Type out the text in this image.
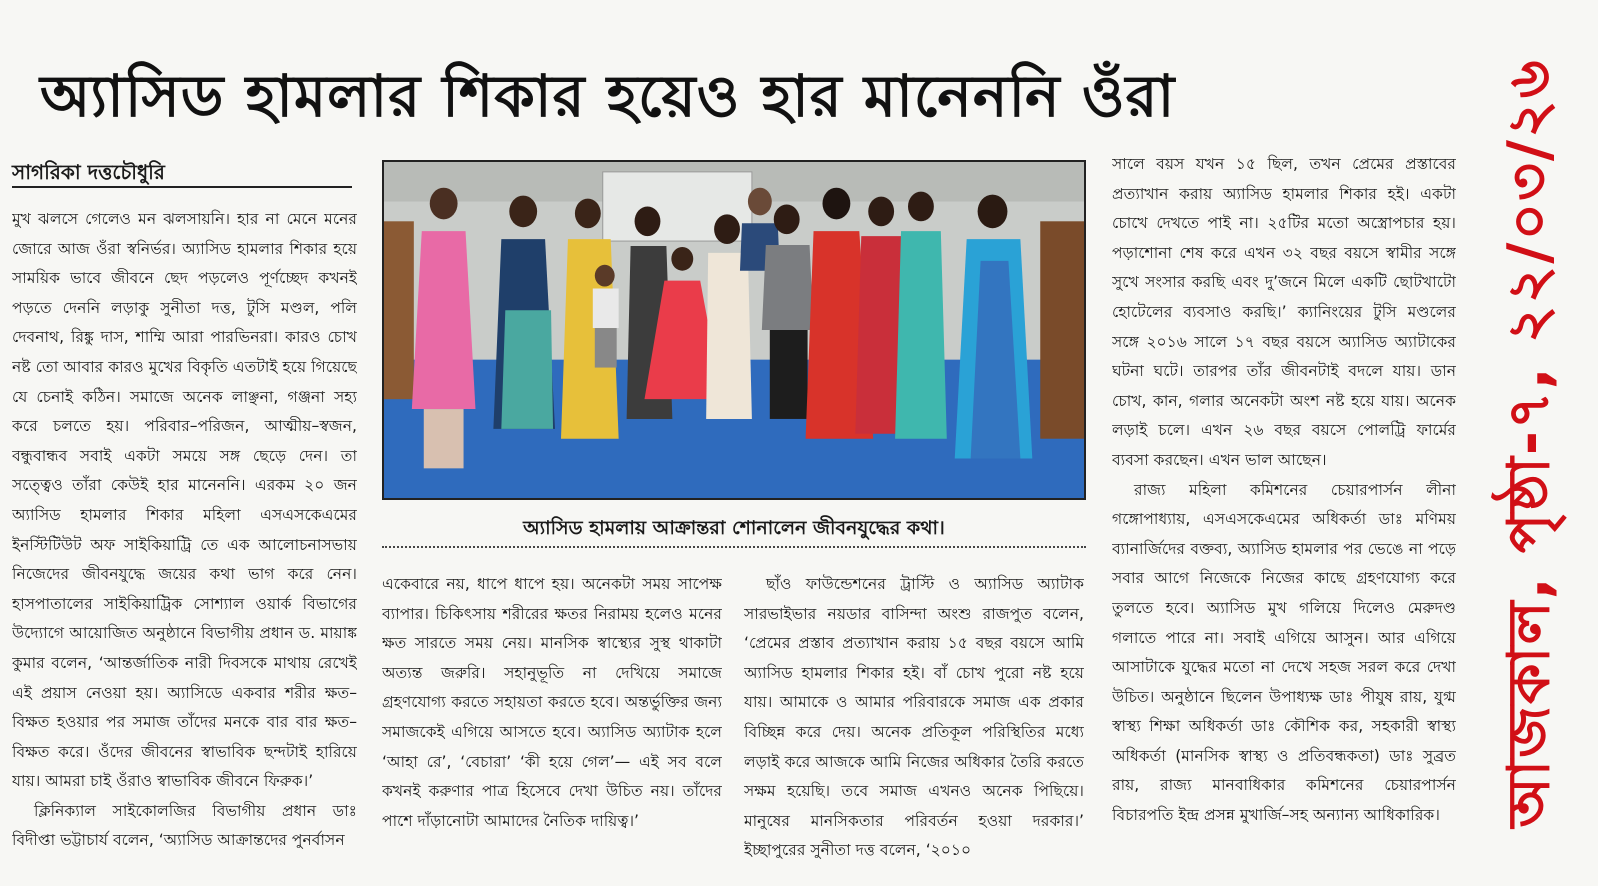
অ্যাসিড হামলার শিকার হয়েও হার মানেননি ওঁরা
সাগরিকা দত্তচৌধুরি

মুখ ঝলসে গেলেও মন ঝলসায়নি। হার না মেনে মনের জোরে আজ ওঁরা স্বনির্ভর। অ্যাসিড হামলার শিকার হয়ে সাময়িক ভাবে জীবনে ছেদ পড়লেও পূর্ণচ্ছেদ কখনই পড়তে দেননি লড়াকু সুনীতা দত্ত, টুসি মণ্ডল, পলি দেবনাথ, রিঙ্কু দাস, শাম্মি আরা পারভিনরা। কারও চোখ নষ্ট তো আবার কারও মুখের বিকৃতি এতটাই হয়ে গিয়েছে যে চেনাই কঠিন। সমাজে অনেক লাঞ্ছনা, গঞ্জনা সহ্য করে চলতে হয়। পরিবার–পরিজন, আত্মীয়–স্বজন, বন্ধুবান্ধব সবাই একটা সময়ে সঙ্গ ছেড়ে দেন। তা সত্ত্বেও তাঁরা কেউই হার মানেননি। এরকম ২০ জন অ্যাসিড হামলার শিকার মহিলা এসএসকেএমের ইনস্টিটিউট অফ সাইকিয়াট্রি তে এক আলোচনাসভায় নিজেদের জীবনযুদ্ধে জয়ের কথা ভাগ করে নেন। হাসপাতালের সাইকিয়াট্রিক সোশ্যাল ওয়ার্ক বিভাগের উদ্যোগে আয়োজিত অনুষ্ঠানে বিভাগীয় প্রধান ড. মায়াঙ্ক কুমার বলেন, ‘আন্তর্জাতিক নারী দিবসকে মাথায় রেখেই এই প্রয়াস নেওয়া হয়। অ্যাসিডে একবার শরীর ক্ষত–বিক্ষত হওয়ার পর সমাজ তাঁদের মনকে বার বার ক্ষত–বিক্ষত করে। ওঁদের জীবনের স্বাভাবিক ছন্দটাই হারিয়ে যায়। আমরা চাই ওঁরাও স্বাভাবিক জীবনে ফিরুক।’

ক্লিনিক্যাল সাইকোলজির বিভাগীয় প্রধান ডাঃ বিদীপ্তা ভট্টাচার্য বলেন, ‘অ্যাসিড আক্রান্তদের পুনর্বাসন

অ্যাসিড হামলায় আক্রান্তরা শোনালেন জীবনযুদ্ধের কথা।

একেবারে নয়, ধাপে ধাপে হয়। অনেকটা সময় সাপেক্ষ ব্যাপার। চিকিৎসায় শরীরের ক্ষতর নিরাময় হলেও মনের ক্ষত সারতে সময় নেয়। মানসিক স্বাস্থ্যের সুস্থ থাকাটা অত্যন্ত জরুরি। সহানুভূতি না দেখিয়ে সমাজে গ্রহণযোগ্য করতে সহায়তা করতে হবে। অন্তর্ভুক্তির জন্য সমাজকেই এগিয়ে আসতে হবে। অ্যাসিড অ্যাটাক হলে ‘আহা রে’, ‘বেচারা’ ‘কী হয়ে গেল’— এই সব বলে কখনই করুণার পাত্র হিসেবে দেখা উচিত নয়। তাঁদের পাশে দাঁড়ানোটা আমাদের নৈতিক দায়িত্ব।’

ছাঁও ফাউন্ডেশনের ট্রাস্টি ও অ্যাসিড অ্যাটাক সারভাইভার নয়ডার বাসিন্দা অংশু রাজপুত বলেন, ‘প্রেমের প্রস্তাব প্রত্যাখান করায় ১৫ বছর বয়সে আমি অ্যাসিড হামলার শিকার হই। বাঁ চোখ পুরো নষ্ট হয়ে যায়। আমাকে ও আমার পরিবারকে সমাজ এক প্রকার বিচ্ছিন্ন করে দেয়। অনেক প্রতিকূল পরিস্থিতির মধ্যে লড়াই করে আজকে আমি নিজের অধিকার তৈরি করতে সক্ষম হয়েছি। তবে সমাজ এখনও অনেক পিছিয়ে। মানুষের মানসিকতার পরিবর্তন হওয়া দরকার।’ ইচ্ছাপুরের সুনীতা দত্ত বলেন, ‘২০১০

সালে বয়স যখন ১৫ ছিল, তখন প্রেমের প্রস্তাবের প্রত্যাখান করায় অ্যাসিড হামলার শিকার হই। একটা চোখে দেখতে পাই না। ২৫টির মতো অস্ত্রোপচার হয়। পড়াশোনা শেষ করে এখন ৩২ বছর বয়সে স্বামীর সঙ্গে সুখে সংসার করছি এবং দু’জনে মিলে একটি ছোটখাটো হোটেলের ব্যবসাও করছি।’ ক্যানিংয়ের টুসি মণ্ডলের সঙ্গে ২০১৬ সালে ১৭ বছর বয়সে অ্যাসিড অ্যাটাকের ঘটনা ঘটে। তারপর তাঁর জীবনটাই বদলে যায়। ডান চোখ, কান, গলার অনেকটা অংশ নষ্ট হয়ে যায়। অনেক লড়াই চলে। এখন ২৬ বছর বয়সে পোলট্রি ফার্মের ব্যবসা করছেন। এখন ভাল আছেন।

রাজ্য মহিলা কমিশনের চেয়ারপার্সন লীনা গঙ্গোপাধ্যায়, এসএসকেএমের অধিকর্তা ডাঃ মণিময় ব্যানার্জিদের বক্তব্য, অ্যাসিড হামলার পর ভেঙে না পড়ে সবার আগে নিজেকে নিজের কাছে গ্রহণযোগ্য করে তুলতে হবে। অ্যাসিড মুখ গলিয়ে দিলেও মেরুদণ্ড গলাতে পারে না। সবাই এগিয়ে আসুন। আর এগিয়ে আসাটাকে যুদ্ধের মতো না দেখে সহজ সরল করে দেখা উচিত। অনুষ্ঠানে ছিলেন উপাধ্যক্ষ ডাঃ পীযুষ রায়, যুগ্ম স্বাস্থ্য শিক্ষা অধিকর্তা ডাঃ কৌশিক কর, সহকারী স্বাস্থ্য অধিকর্তা (মানসিক স্বাস্থ্য ও প্রতিবন্ধকতা) ডাঃ সুব্রত রায়, রাজ্য মানবাধিকার কমিশনের চেয়ারপার্সন বিচারপতি ইন্দ্র প্রসন্ন মুখার্জি–সহ অন্যান্য আধিকারিক। আজকাল, পৃষ্ঠা-৭, ২২/০৩/২৬
